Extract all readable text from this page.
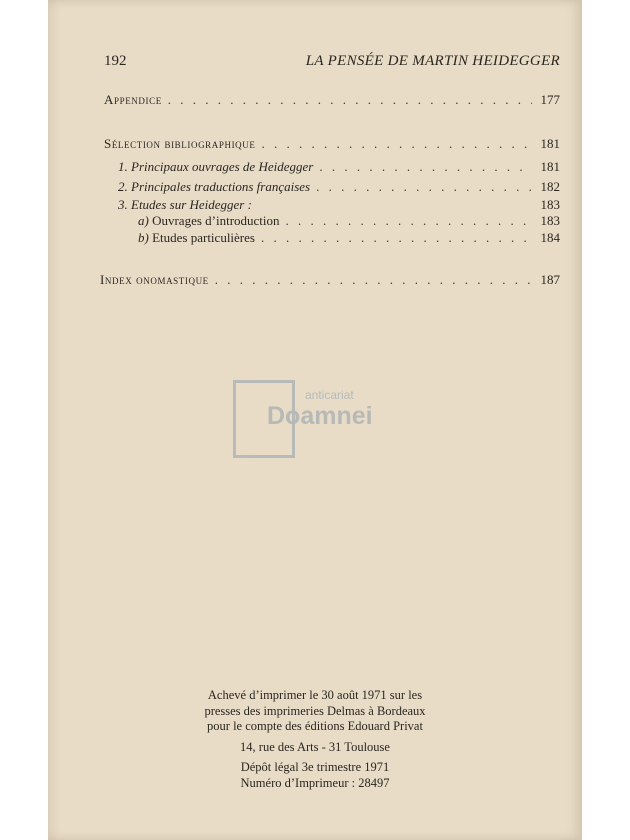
192	LA PENSÉE DE MARTIN HEIDEGGER
Appendice . . .	177
Sélection bibliographique . . .	181
1. Principaux ouvrages de Heidegger . . .	181
2. Principales traductions françaises . . .	182
3. Etudes sur Heidegger :	183
a) Ouvrages d’introduction . . .	183
b) Etudes particulières . . .	184
Index onomastique . . .	187
Achevé d’imprimer le 30 août 1971 sur les
presses des imprimeries Delmas à Bordeaux
pour le compte des éditions Edouard Privat
14, rue des Arts - 31 Toulouse
Dépôt légal 3e trimestre 1971
Numéro d’Imprimeur : 28497
anticariat
Doamnei
